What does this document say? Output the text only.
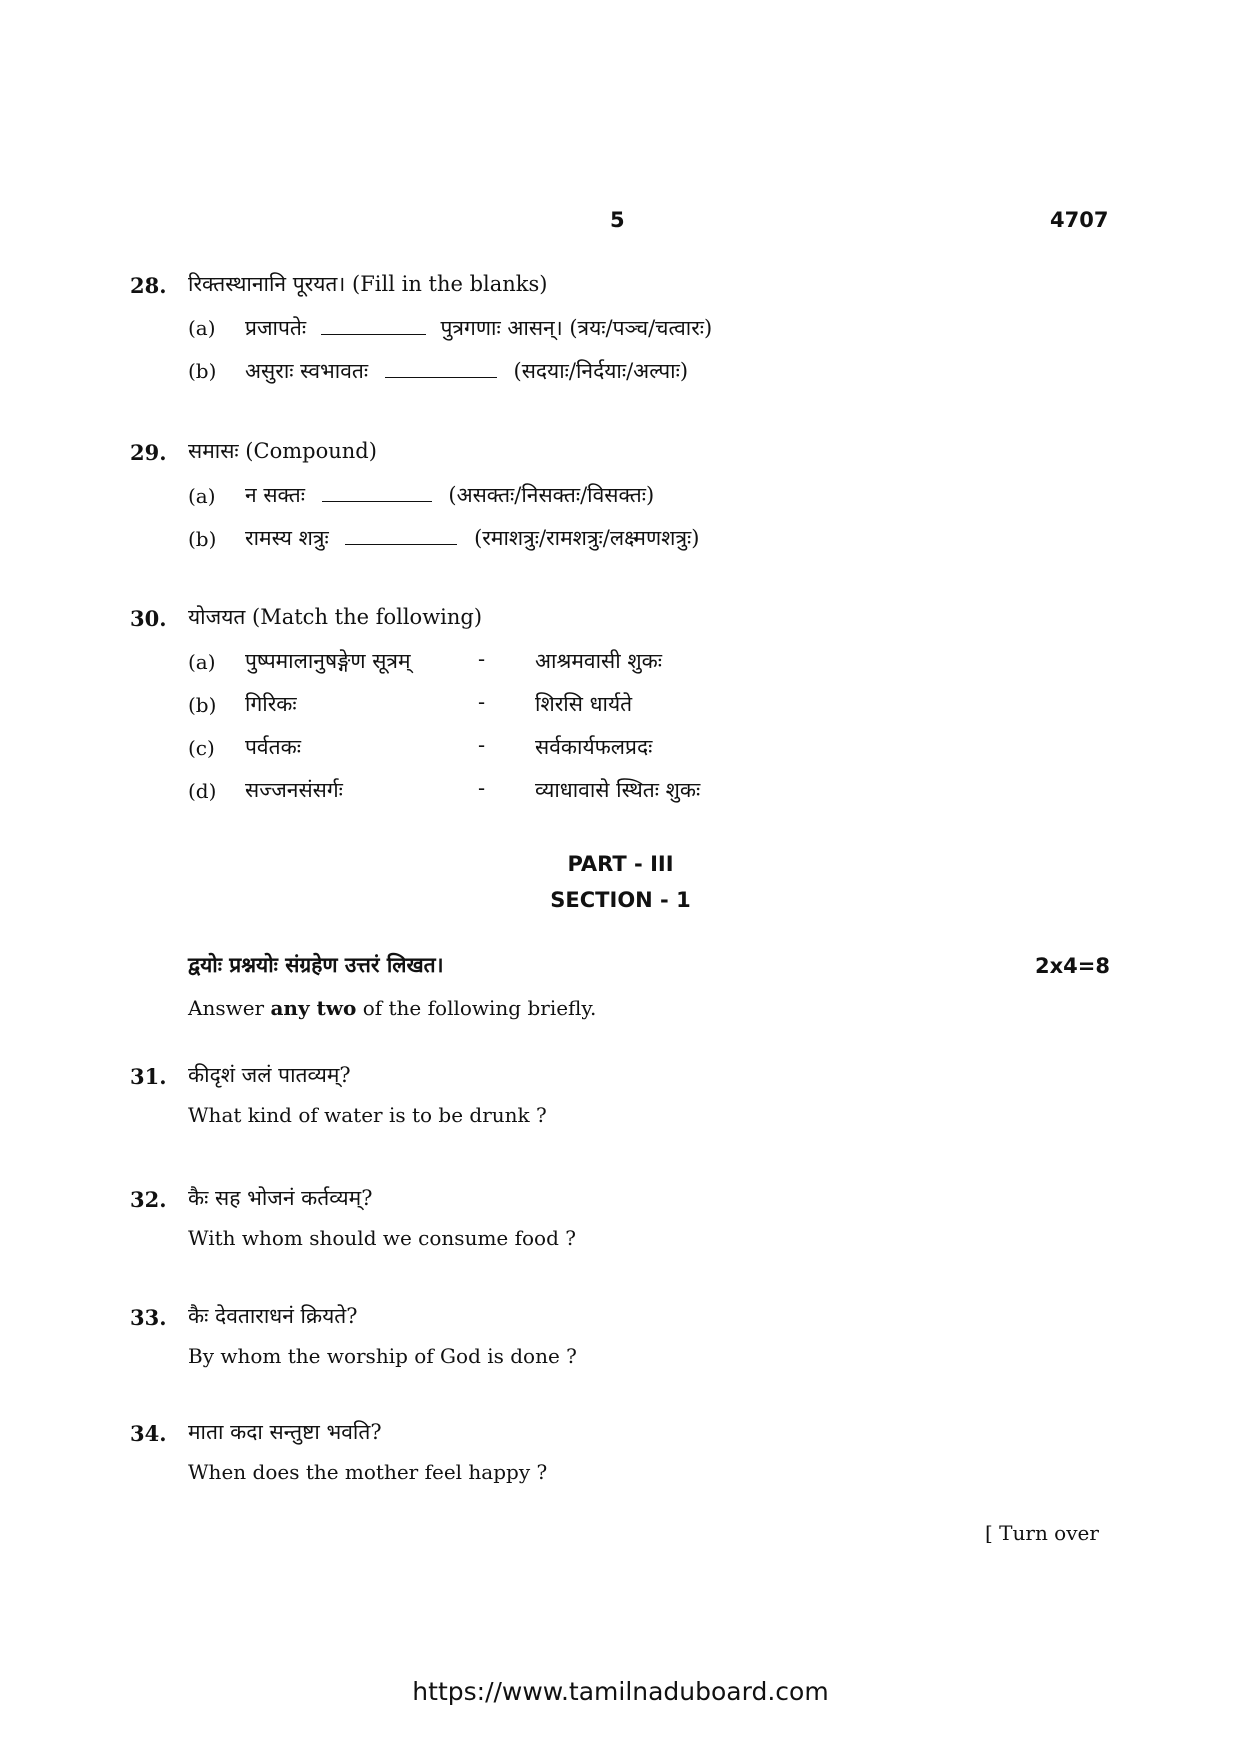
5	4707
28. रिक्तस्थानानि पूरयत। (Fill in the blanks)
(a) प्रजापतेः	पुत्रगणाः आसन्। (त्रयः/पञ्च/चत्वारः)
(b) असुराः स्वभावतः	(सदयाः/निर्दयाः/अल्पाः)
29. समासः (Compound)
(a) न सक्तः	(असक्तः/निसक्तः/विसक्तः)
(b) रामस्य शत्रुः	(रमाशत्रुः/रामशत्रुः/लक्ष्मणशत्रुः)
30. योजयत (Match the following)
(a) पुष्पमालानुषङ्गेण सूत्रम्	- आश्रमवासी शुकः
(b) गिरिकः	- शिरसि धार्यते
(c) पर्वतकः	- सर्वकार्यफलप्रदः
(d) सज्जनसंसर्गः	- व्याधावासे स्थितः शुकः
PART - III
SECTION - 1
द्वयोः प्रश्नयोः संग्रहेण उत्तरं लिखत।	2x4=8
Answer any two of the following briefly.
31. कीदृशं जलं पातव्यम्?
What kind of water is to be drunk ?
32. कैः सह भोजनं कर्तव्यम्?
With whom should we consume food ?
33. कैः देवताराधनं क्रियते?
By whom the worship of God is done ?
34. माता कदा सन्तुष्टा भवति?
When does the mother feel happy ?
[ Turn over
https://www.tamilnaduboard.com
